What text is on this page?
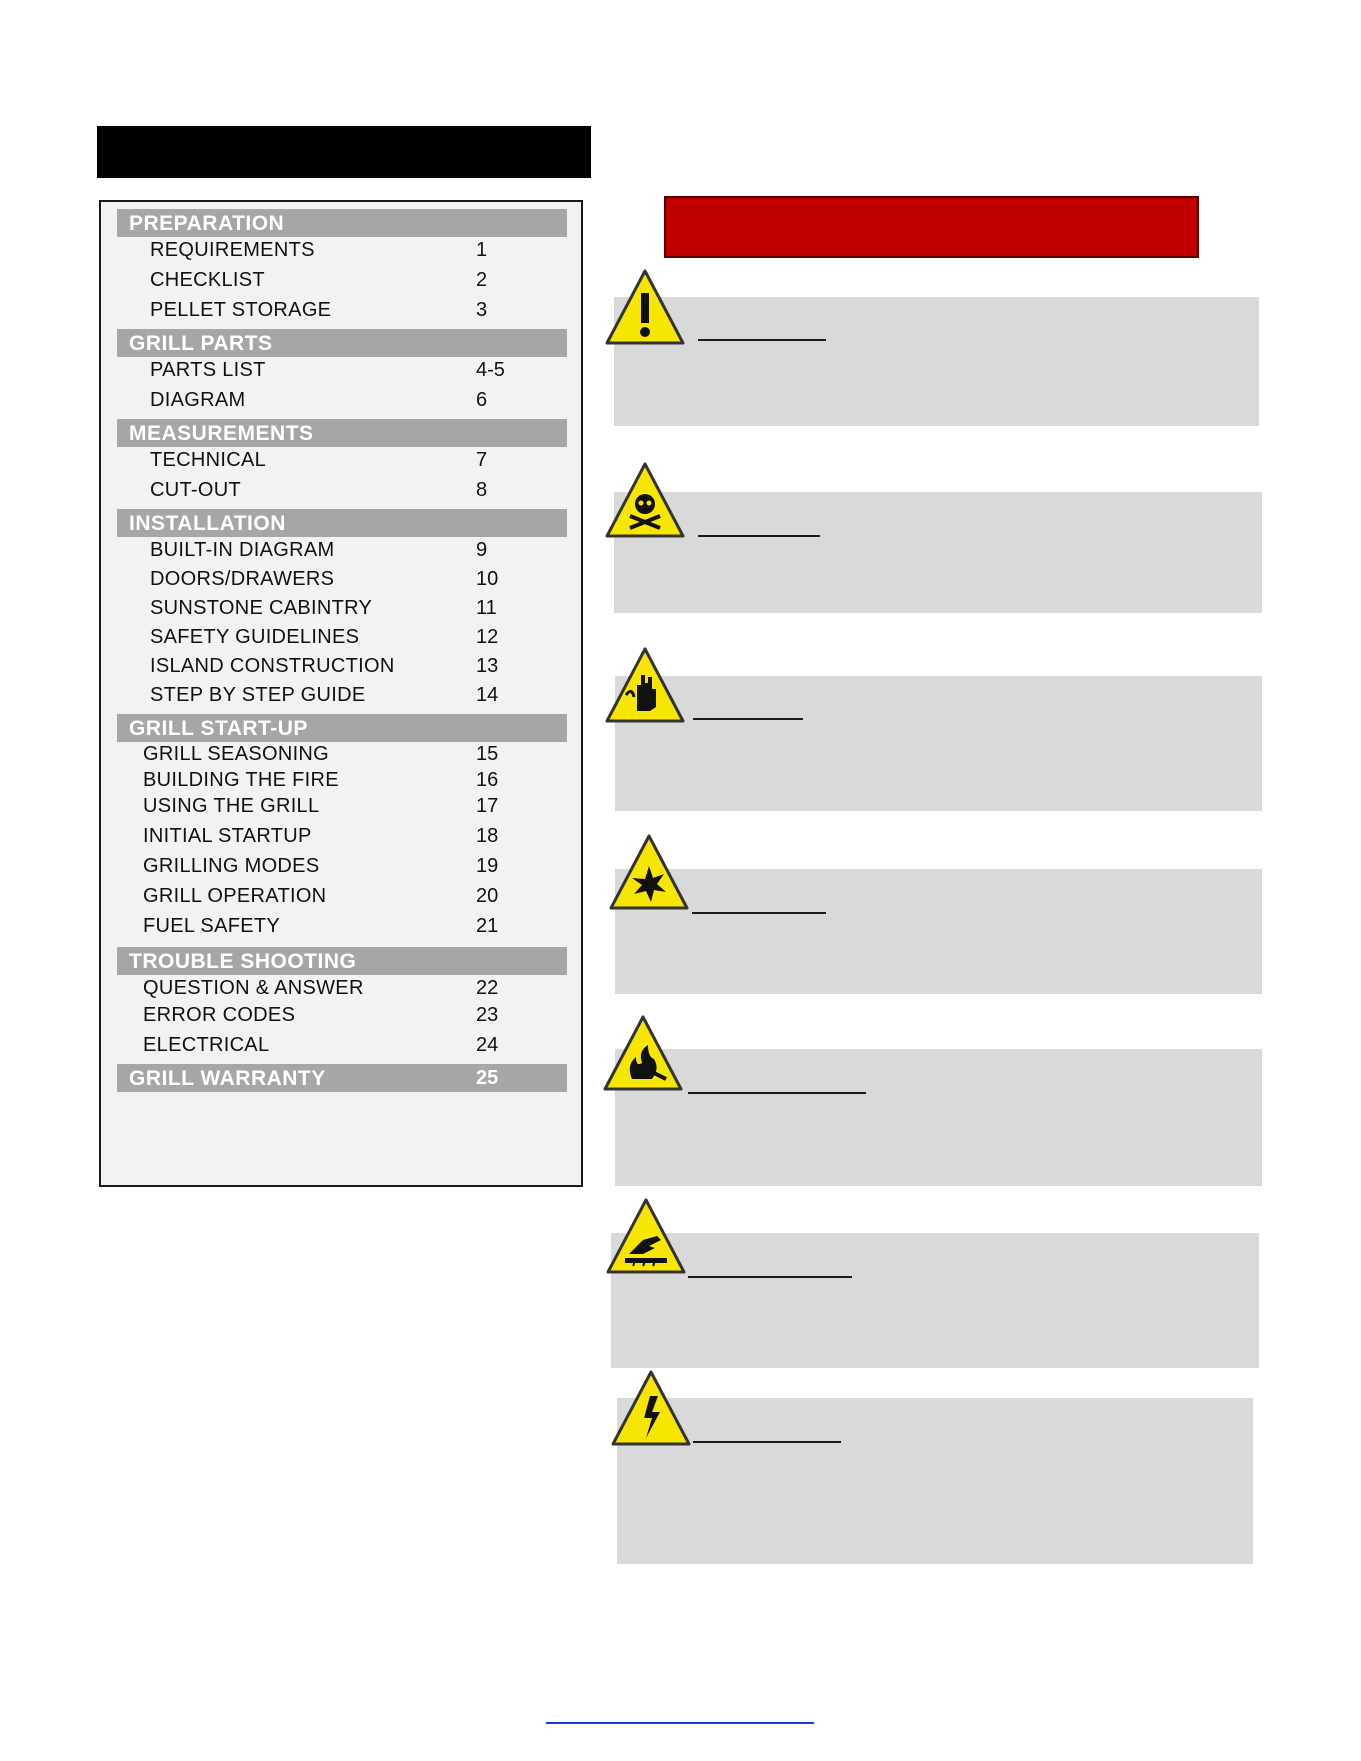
PREPARATION
REQUIREMENTS	1
CHECKLIST	2
PELLET STORAGE	3
GRILL PARTS
PARTS LIST	4-5
DIAGRAM	6
MEASUREMENTS
TECHNICAL	7
CUT-OUT	8
INSTALLATION
BUILT-IN DIAGRAM	9
DOORS/DRAWERS	10
SUNSTONE CABINTRY	11
SAFETY GUIDELINES	12
ISLAND CONSTRUCTION	13
STEP BY STEP GUIDE	14
GRILL START-UP
GRILL SEASONING	15
BUILDING THE FIRE	16
USING THE GRILL	17
INITIAL STARTUP	18
GRILLING MODES	19
GRILL OPERATION	20
FUEL SAFETY	21
TROUBLE SHOOTING
QUESTION & ANSWER	22
ERROR CODES	23
ELECTRICAL	24
GRILL WARRANTY	25
